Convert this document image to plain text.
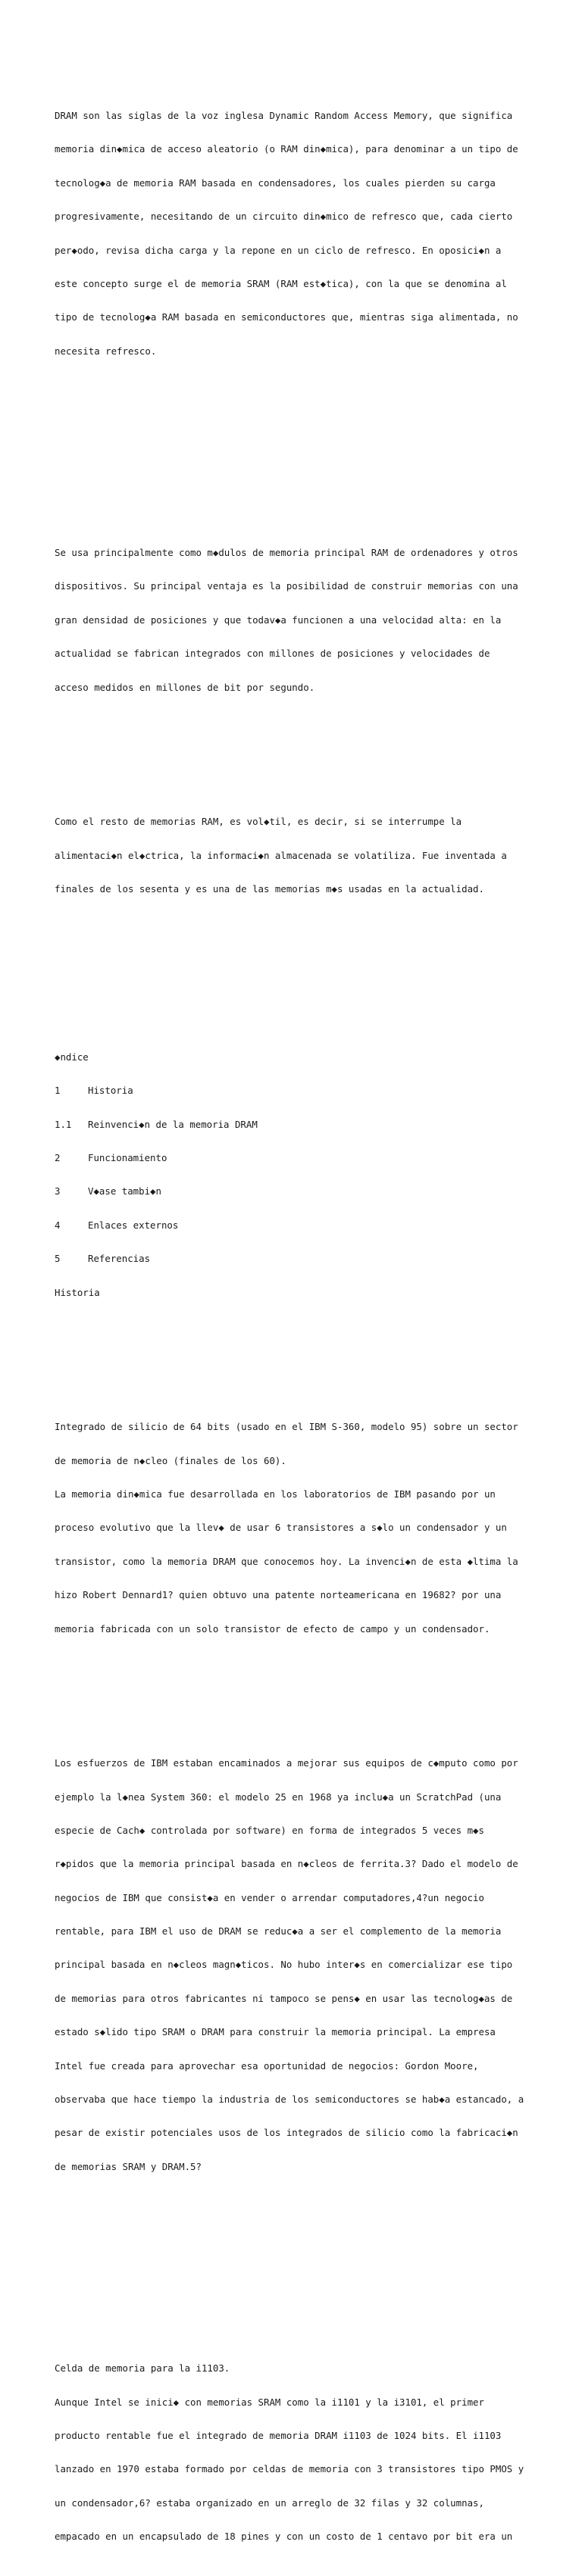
DRAM son las siglas de la voz inglesa Dynamic Random Access Memory, que significa

memoria din◆mica de acceso aleatorio (o RAM din◆mica), para denominar a un tipo de

tecnolog◆a de memoria RAM basada en condensadores, los cuales pierden su carga

progresivamente, necesitando de un circuito din◆mico de refresco que, cada cierto

per◆odo, revisa dicha carga y la repone en un ciclo de refresco. En oposici◆n a

este concepto surge el de memoria SRAM (RAM est◆tica), con la que se denomina al

tipo de tecnolog◆a RAM basada en semiconductores que, mientras siga alimentada, no

necesita refresco.

Se usa principalmente como m◆dulos de memoria principal RAM de ordenadores y otros

dispositivos. Su principal ventaja es la posibilidad de construir memorias con una

gran densidad de posiciones y que todav◆a funcionen a una velocidad alta: en la

actualidad se fabrican integrados con millones de posiciones y velocidades de

acceso medidos en millones de bit por segundo.

Como el resto de memorias RAM, es vol◆til, es decir, si se interrumpe la

alimentaci◆n el◆ctrica, la informaci◆n almacenada se volatiliza. Fue inventada a

finales de los sesenta y es una de las memorias m◆s usadas en la actualidad.

◆ndice

1	Historia

1.1 Reinvenci◆n de la memoria DRAM

2	Funcionamiento

3	V◆ase tambi◆n

4	Enlaces externos

5	Referencias

Historia

Integrado de silicio de 64 bits (usado en el IBM S-360, modelo 95) sobre un sector

de memoria de n◆cleo (finales de los 60).

La memoria din◆mica fue desarrollada en los laboratorios de IBM pasando por un

proceso evolutivo que la llev◆ de usar 6 transistores a s◆lo un condensador y un

transistor, como la memoria DRAM que conocemos hoy. La invenci◆n de esta ◆ltima la

hizo Robert Dennard1? quien obtuvo una patente norteamericana en 19682? por una

memoria fabricada con un solo transistor de efecto de campo y un condensador.

Los esfuerzos de IBM estaban encaminados a mejorar sus equipos de c◆mputo como por

ejemplo la l◆nea System 360: el modelo 25 en 1968 ya inclu◆a un ScratchPad (una

especie de Cach◆ controlada por software) en forma de integrados 5 veces m◆s

r◆pidos que la memoria principal basada en n◆cleos de ferrita.3? Dado el modelo de

negocios de IBM que consist◆a en vender o arrendar computadores,4?un negocio

rentable, para IBM el uso de DRAM se reduc◆a a ser el complemento de la memoria

principal basada en n◆cleos magn◆ticos. No hubo inter◆s en comercializar ese tipo

de memorias para otros fabricantes ni tampoco se pens◆ en usar las tecnolog◆as de

estado s◆lido tipo SRAM o DRAM para construir la memoria principal. La empresa

Intel fue creada para aprovechar esa oportunidad de negocios: Gordon Moore,

observaba que hace tiempo la industria de los semiconductores se hab◆a estancado, a

pesar de existir potenciales usos de los integrados de silicio como la fabricaci◆n

de memorias SRAM y DRAM.5?

Celda de memoria para la i1103.

Aunque Intel se inici◆ con memorias SRAM como la i1101 y la i3101, el primer

producto rentable fue el integrado de memoria DRAM i1103 de 1024 bits. El i1103

lanzado en 1970 estaba formado por celdas de memoria con 3 transistores tipo PMOS y

un condensador,6? estaba organizado en un arreglo de 32 filas y 32 columnas,

empacado en un encapsulado de 18 pines y con un costo de 1 centavo por bit era un
